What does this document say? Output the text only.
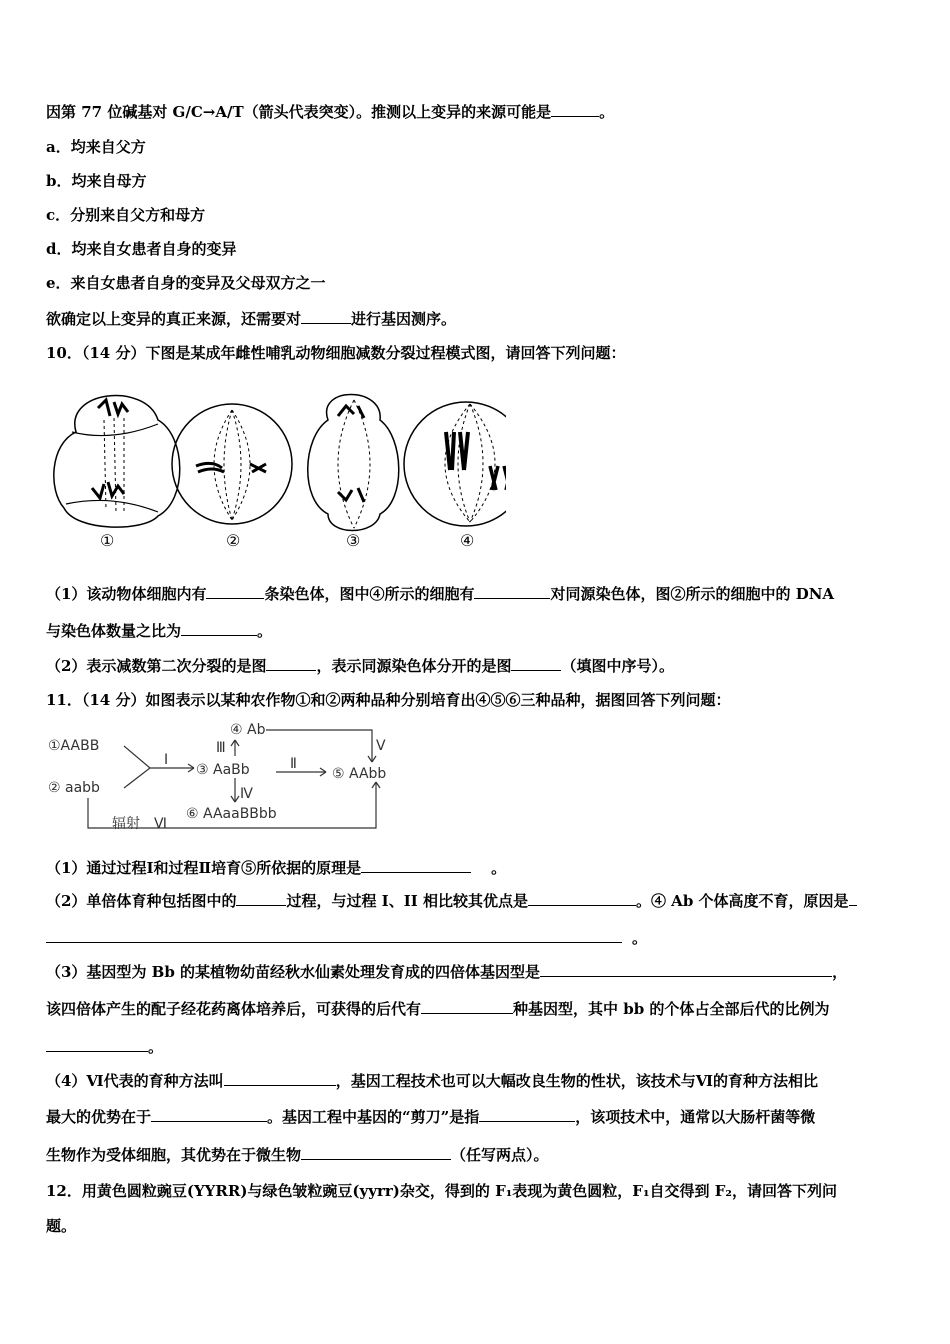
因第 77 位碱基对 G/C→A/T（箭头代表突变）。推测以上变异的来源可能是	。
a．均来自父方
b．均来自母方
c．分别来自父方和母方
d．均来自女患者自身的变异
e．来自女患者自身的变异及父母双方之一
欲确定以上变异的真正来源，还需要对	进行基因测序。
10．（14 分）下图是某成年雌性哺乳动物细胞减数分裂过程模式图，请回答下列问题：
①	②	③	④
（1）该动物体细胞内有	条染色体，图中④所示的细胞有	对同源染色体，图②所示的细胞中的 DNA
与染色体数量之比为	。
（2）表示减数第二次分裂的是图	，表示同源染色体分开的是图	（填图中序号）。
11．（14 分）如图表示以某种农作物①和②两种品种分别培育出④⑤⑥三种品种，据图回答下列问题：
①AABB
② aabb
③ AaBb
④ Ab
⑤ AAbb
⑥ AAaaBBbb
Ⅰ	Ⅱ
Ⅲ
Ⅳ
Ⅴ
辐射　Ⅵ
（1）通过过程Ⅰ和过程Ⅱ培育⑤所依据的原理是	。
（2）单倍体育种包括图中的	过程，与过程 I、II 相比较其优点是	。④ Ab 个体高度不育，原因是
。
（3）基因型为 Bb 的某植物幼苗经秋水仙素处理发育成的四倍体基因型是	，
该四倍体产生的配子经花药离体培养后，可获得的后代有	种基因型，其中 bb 的个体占全部后代的比例为
。
（4）Ⅵ代表的育种方法叫	，基因工程技术也可以大幅改良生物的性状，该技术与Ⅵ的育种方法相比
最大的优势在于	。基因工程中基因的“剪刀”是指	，该项技术中，通常以大肠杆菌等微
生物作为受体细胞，其优势在于微生物	（任写两点）。
12．用黄色圆粒豌豆(YYRR)与绿色皱粒豌豆(yyrr)杂交，得到的 F₁表现为黄色圆粒，F₁自交得到 F₂，请回答下列问
题。
